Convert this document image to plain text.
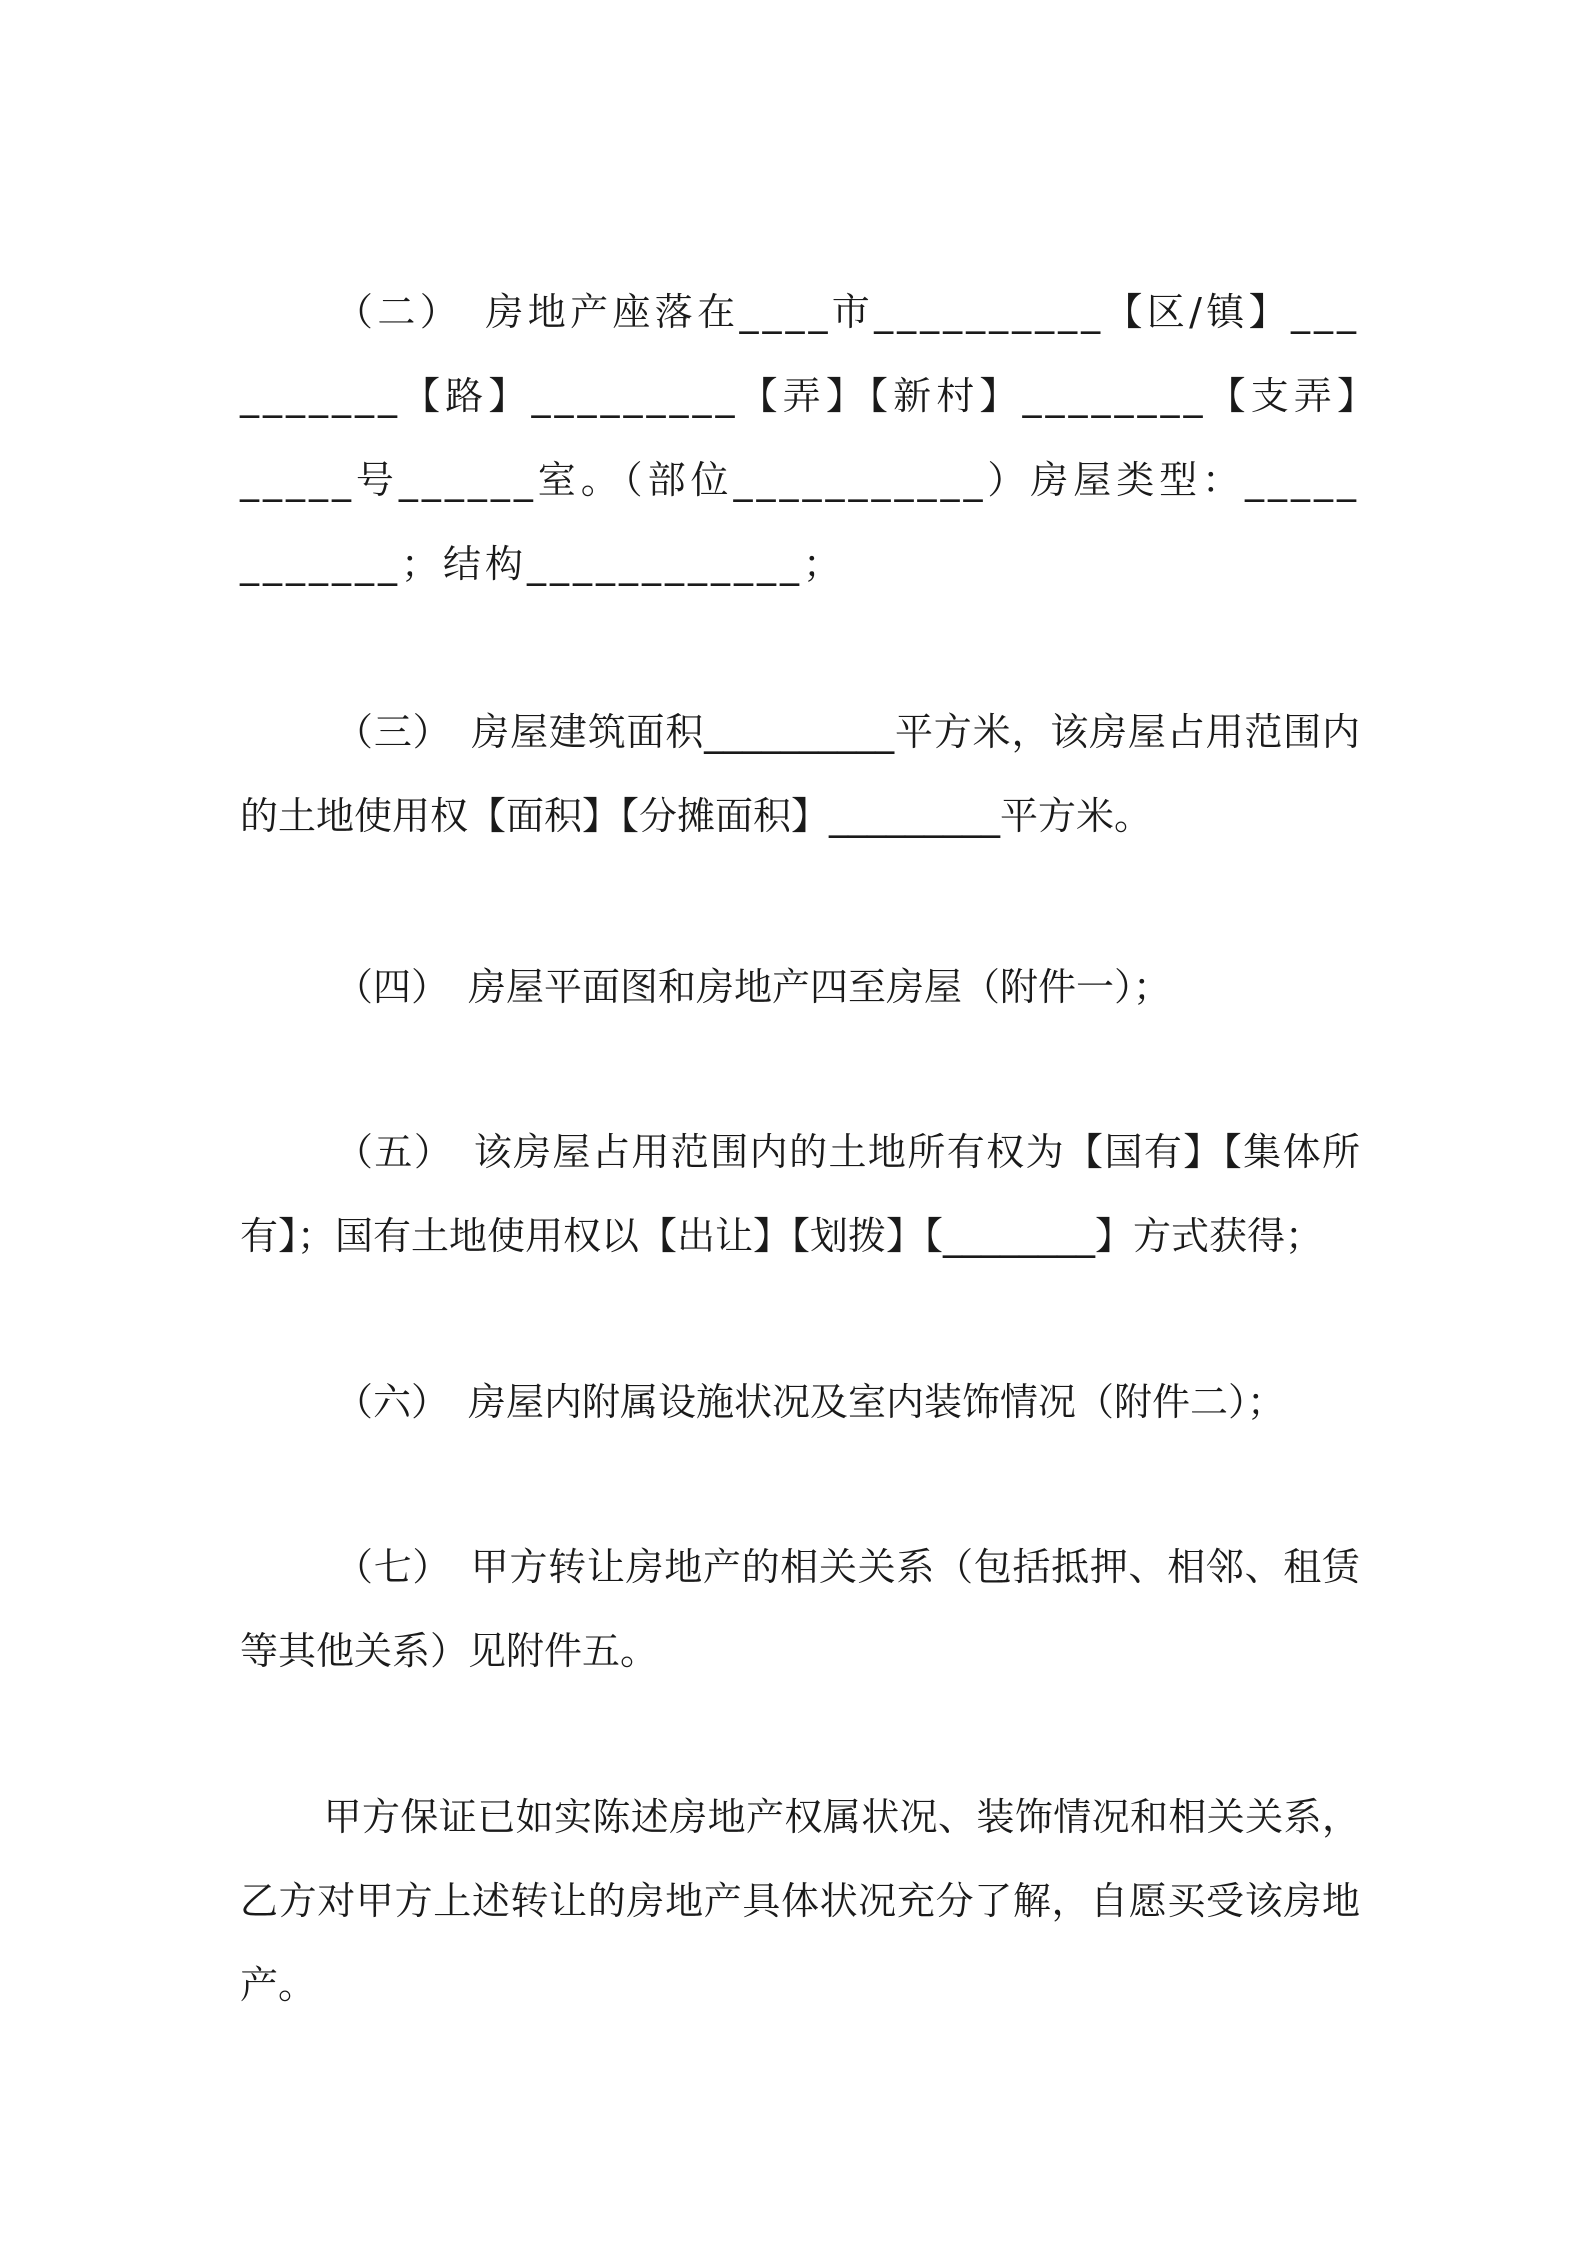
（二）　房地产座落在____市__________【区/镇】__________【路】_________【弄】【新村】________【支弄】_____号______室。（部位___________）房屋类型：____________；结构____________；

（三）　房屋建筑面积__________平方米，该房屋占用范围内的土地使用权【面积】【分摊面积】_________平方米。

（四）　房屋平面图和房地产四至房屋（附件一）；

（五）　该房屋占用范围内的土地所有权为【国有】【集体所有】；国有土地使用权以【出让】【划拨】【________】方式获得；

（六）　房屋内附属设施状况及室内装饰情况（附件二）；

（七）　甲方转让房地产的相关关系（包括抵押、相邻、租赁等其他关系）见附件五。

甲方保证已如实陈述房地产权属状况、装饰情况和相关关系，乙方对甲方上述转让的房地产具体状况充分了解，自愿买受该房地产。
